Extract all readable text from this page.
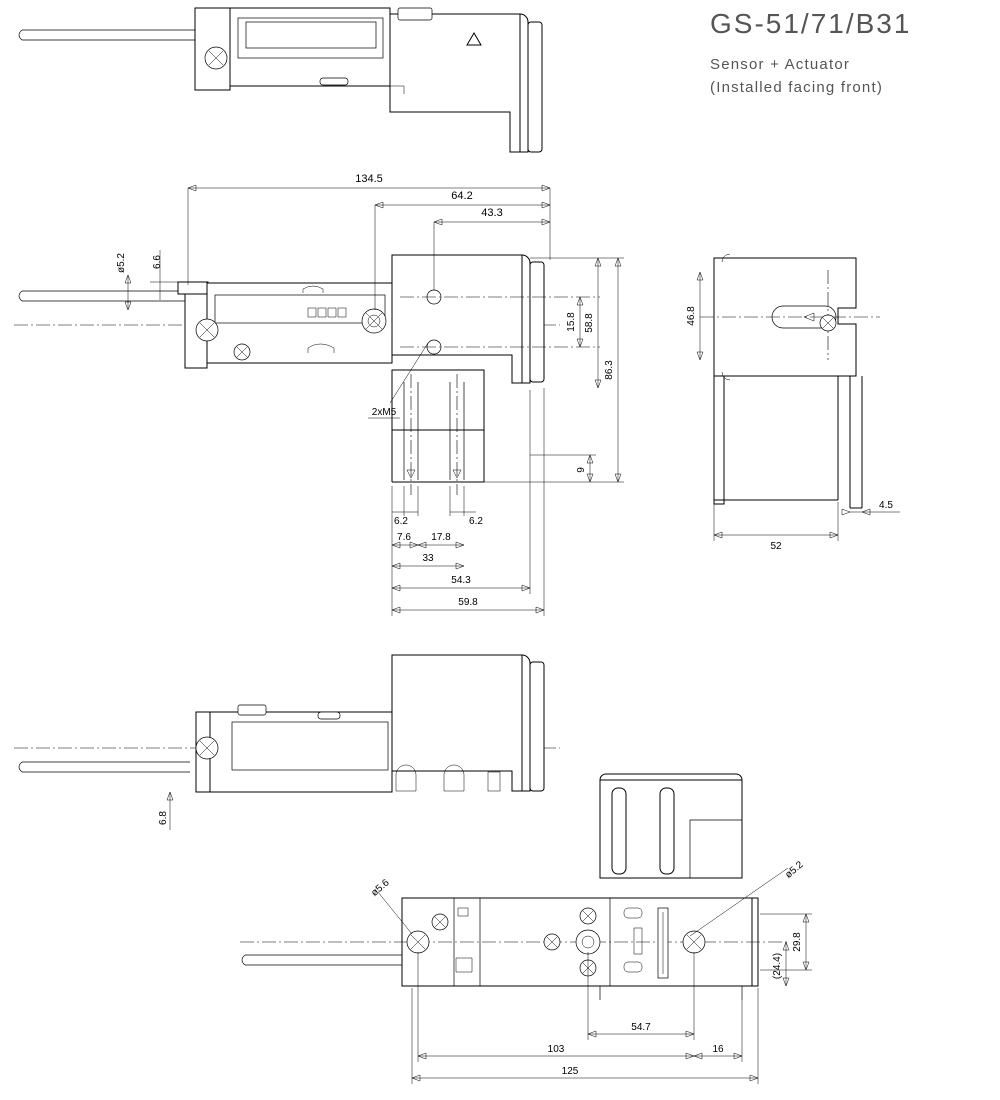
GS-51/71/B31
Sensor + Actuator
(Installed facing front)
134.5
64.2
43.3
6.6
ø5.2
15.8 58.8
86.3
9
2xM5
6.2	6.2
7.6 17.8
33
54.3
59.8
46.8
52
4.5
6.8
ø5.6
ø5.2
29.8
(24.4)
54.7
103	16
125
